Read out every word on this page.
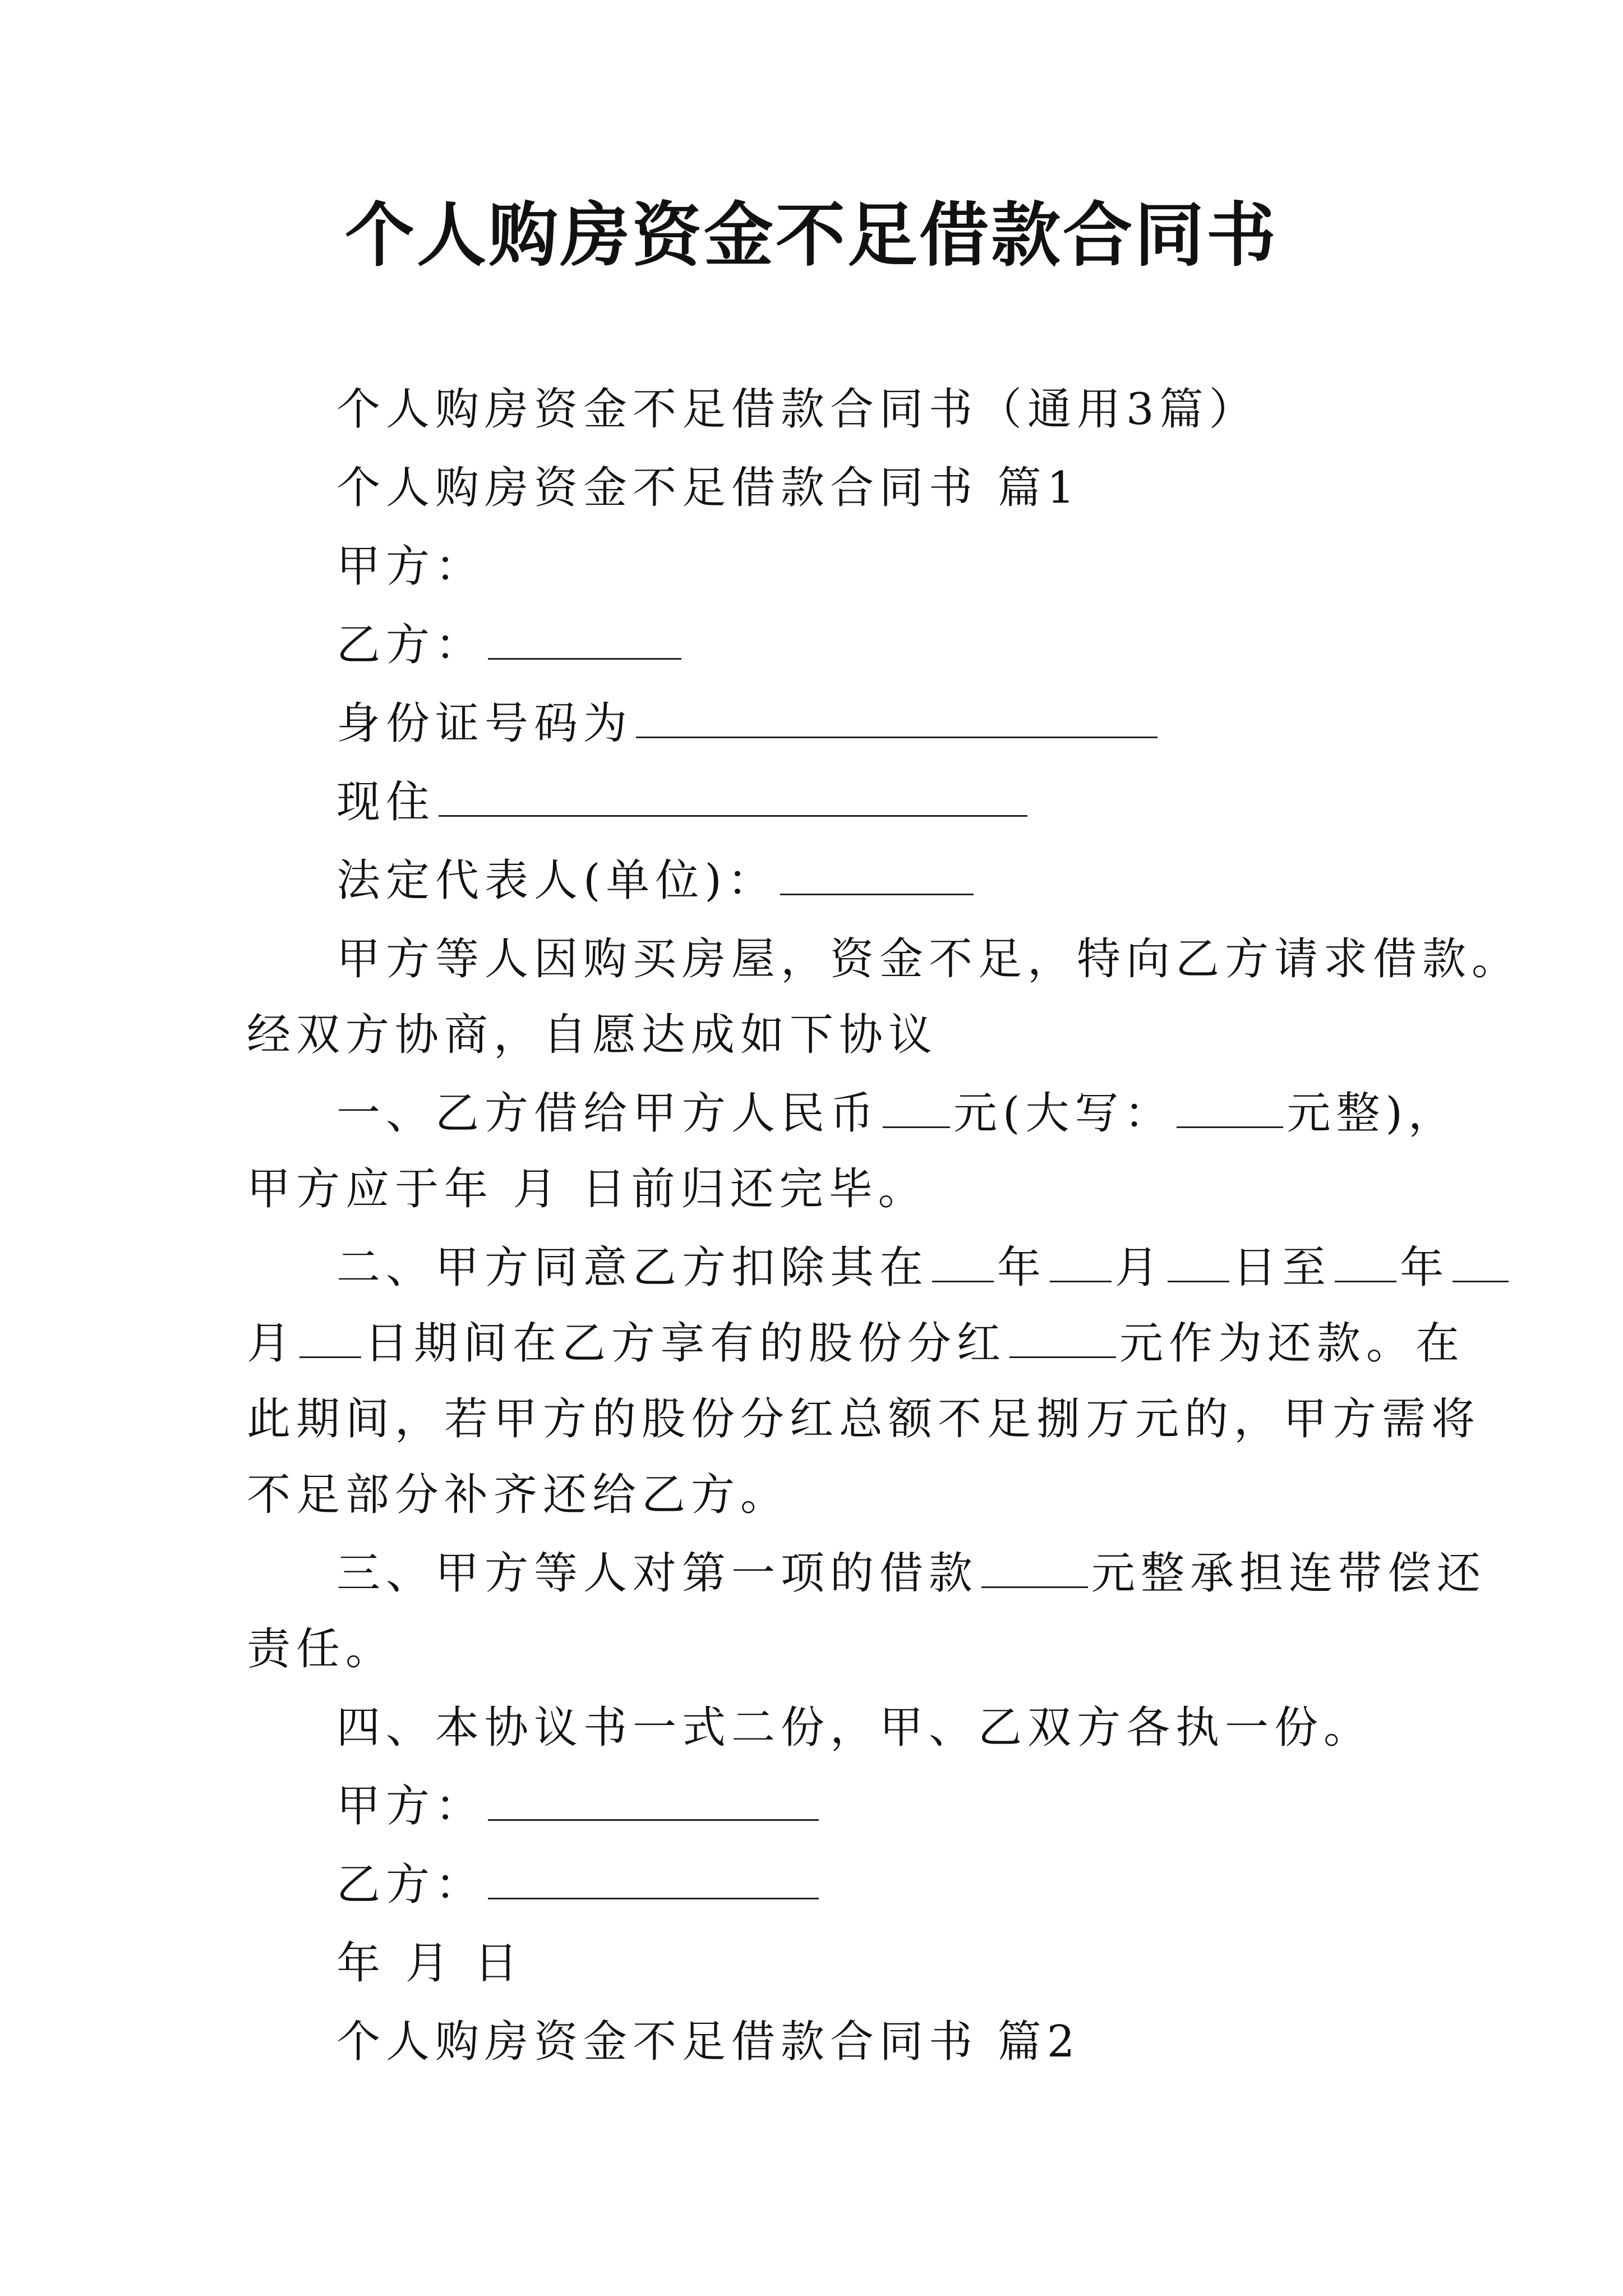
个人购房资金不足借款合同书
个人购房资金不足借款合同书（通用3篇）
个人购房资金不足借款合同书 篇1
甲方：
乙方：
身份证号码为
现住
法定代表人(单位)：
甲方等人因购买房屋，资金不足，特向乙方请求借款。
经双方协商，自愿达成如下协议
一、乙方借给甲方人民币 元(大写：	元整)，
甲方应于年 月 日前归还完毕。
二、甲方同意乙方扣除其在 年 月 日至 年
月 日期间在乙方享有的股份分红	元作为还款。在
此期间，若甲方的股份分红总额不足捌万元的，甲方需将
不足部分补齐还给乙方。
三、甲方等人对第一项的借款	元整承担连带偿还
责任。
四、本协议书一式二份，甲、乙双方各执一份。
甲方：
乙方：
年 月 日
个人购房资金不足借款合同书 篇2
